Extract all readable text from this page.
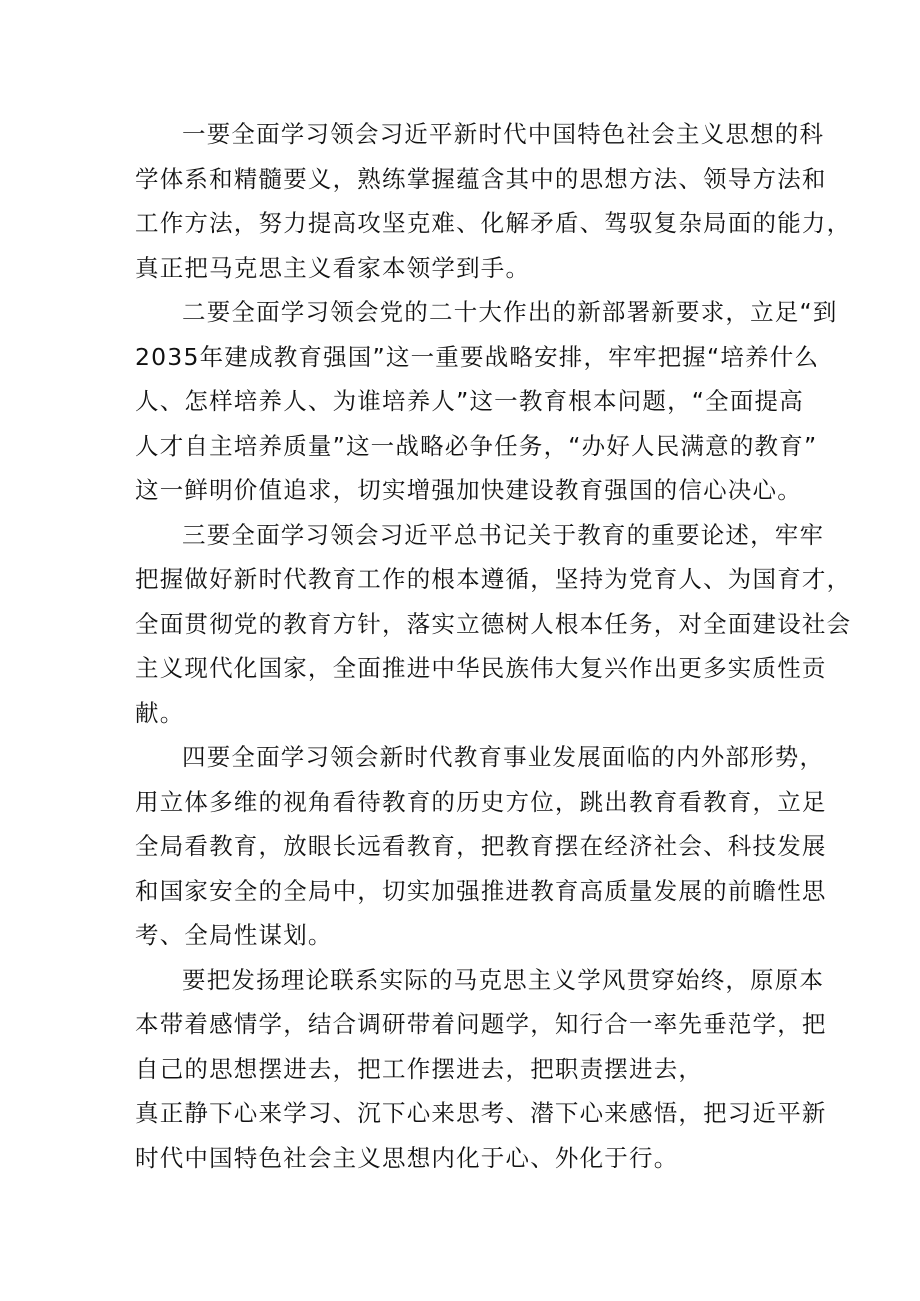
一要全面学习领会习近平新时代中国特色社会主义思想的科
学体系和精髓要义，熟练掌握蕴含其中的思想方法、领导方法和
工作方法，努力提高攻坚克难、化解矛盾、驾驭复杂局面的能力，
真正把马克思主义看家本领学到手。
二要全面学习领会党的二十大作出的新部署新要求，立足“到
2035年建成教育强国”这一重要战略安排，牢牢把握“培养什么
人、怎样培养人、为谁培养人”这一教育根本问题，“全面提高
人才自主培养质量”这一战略必争任务，“办好人民满意的教育”
这一鲜明价值追求，切实增强加快建设教育强国的信心决心。
三要全面学习领会习近平总书记关于教育的重要论述，牢牢
把握做好新时代教育工作的根本遵循，坚持为党育人、为国育才，
全面贯彻党的教育方针，落实立德树人根本任务，对全面建设社会
主义现代化国家，全面推进中华民族伟大复兴作出更多实质性贡
献。
四要全面学习领会新时代教育事业发展面临的内外部形势，
用立体多维的视角看待教育的历史方位，跳出教育看教育，立足
全局看教育，放眼长远看教育，把教育摆在经济社会、科技发展
和国家安全的全局中，切实加强推进教育高质量发展的前瞻性思
考、全局性谋划。
要把发扬理论联系实际的马克思主义学风贯穿始终，原原本
本带着感情学，结合调研带着问题学，知行合一率先垂范学，把
自己的思想摆进去，把工作摆进去，把职责摆进去，
真正静下心来学习、沉下心来思考、潜下心来感悟，把习近平新
时代中国特色社会主义思想内化于心、外化于行。
